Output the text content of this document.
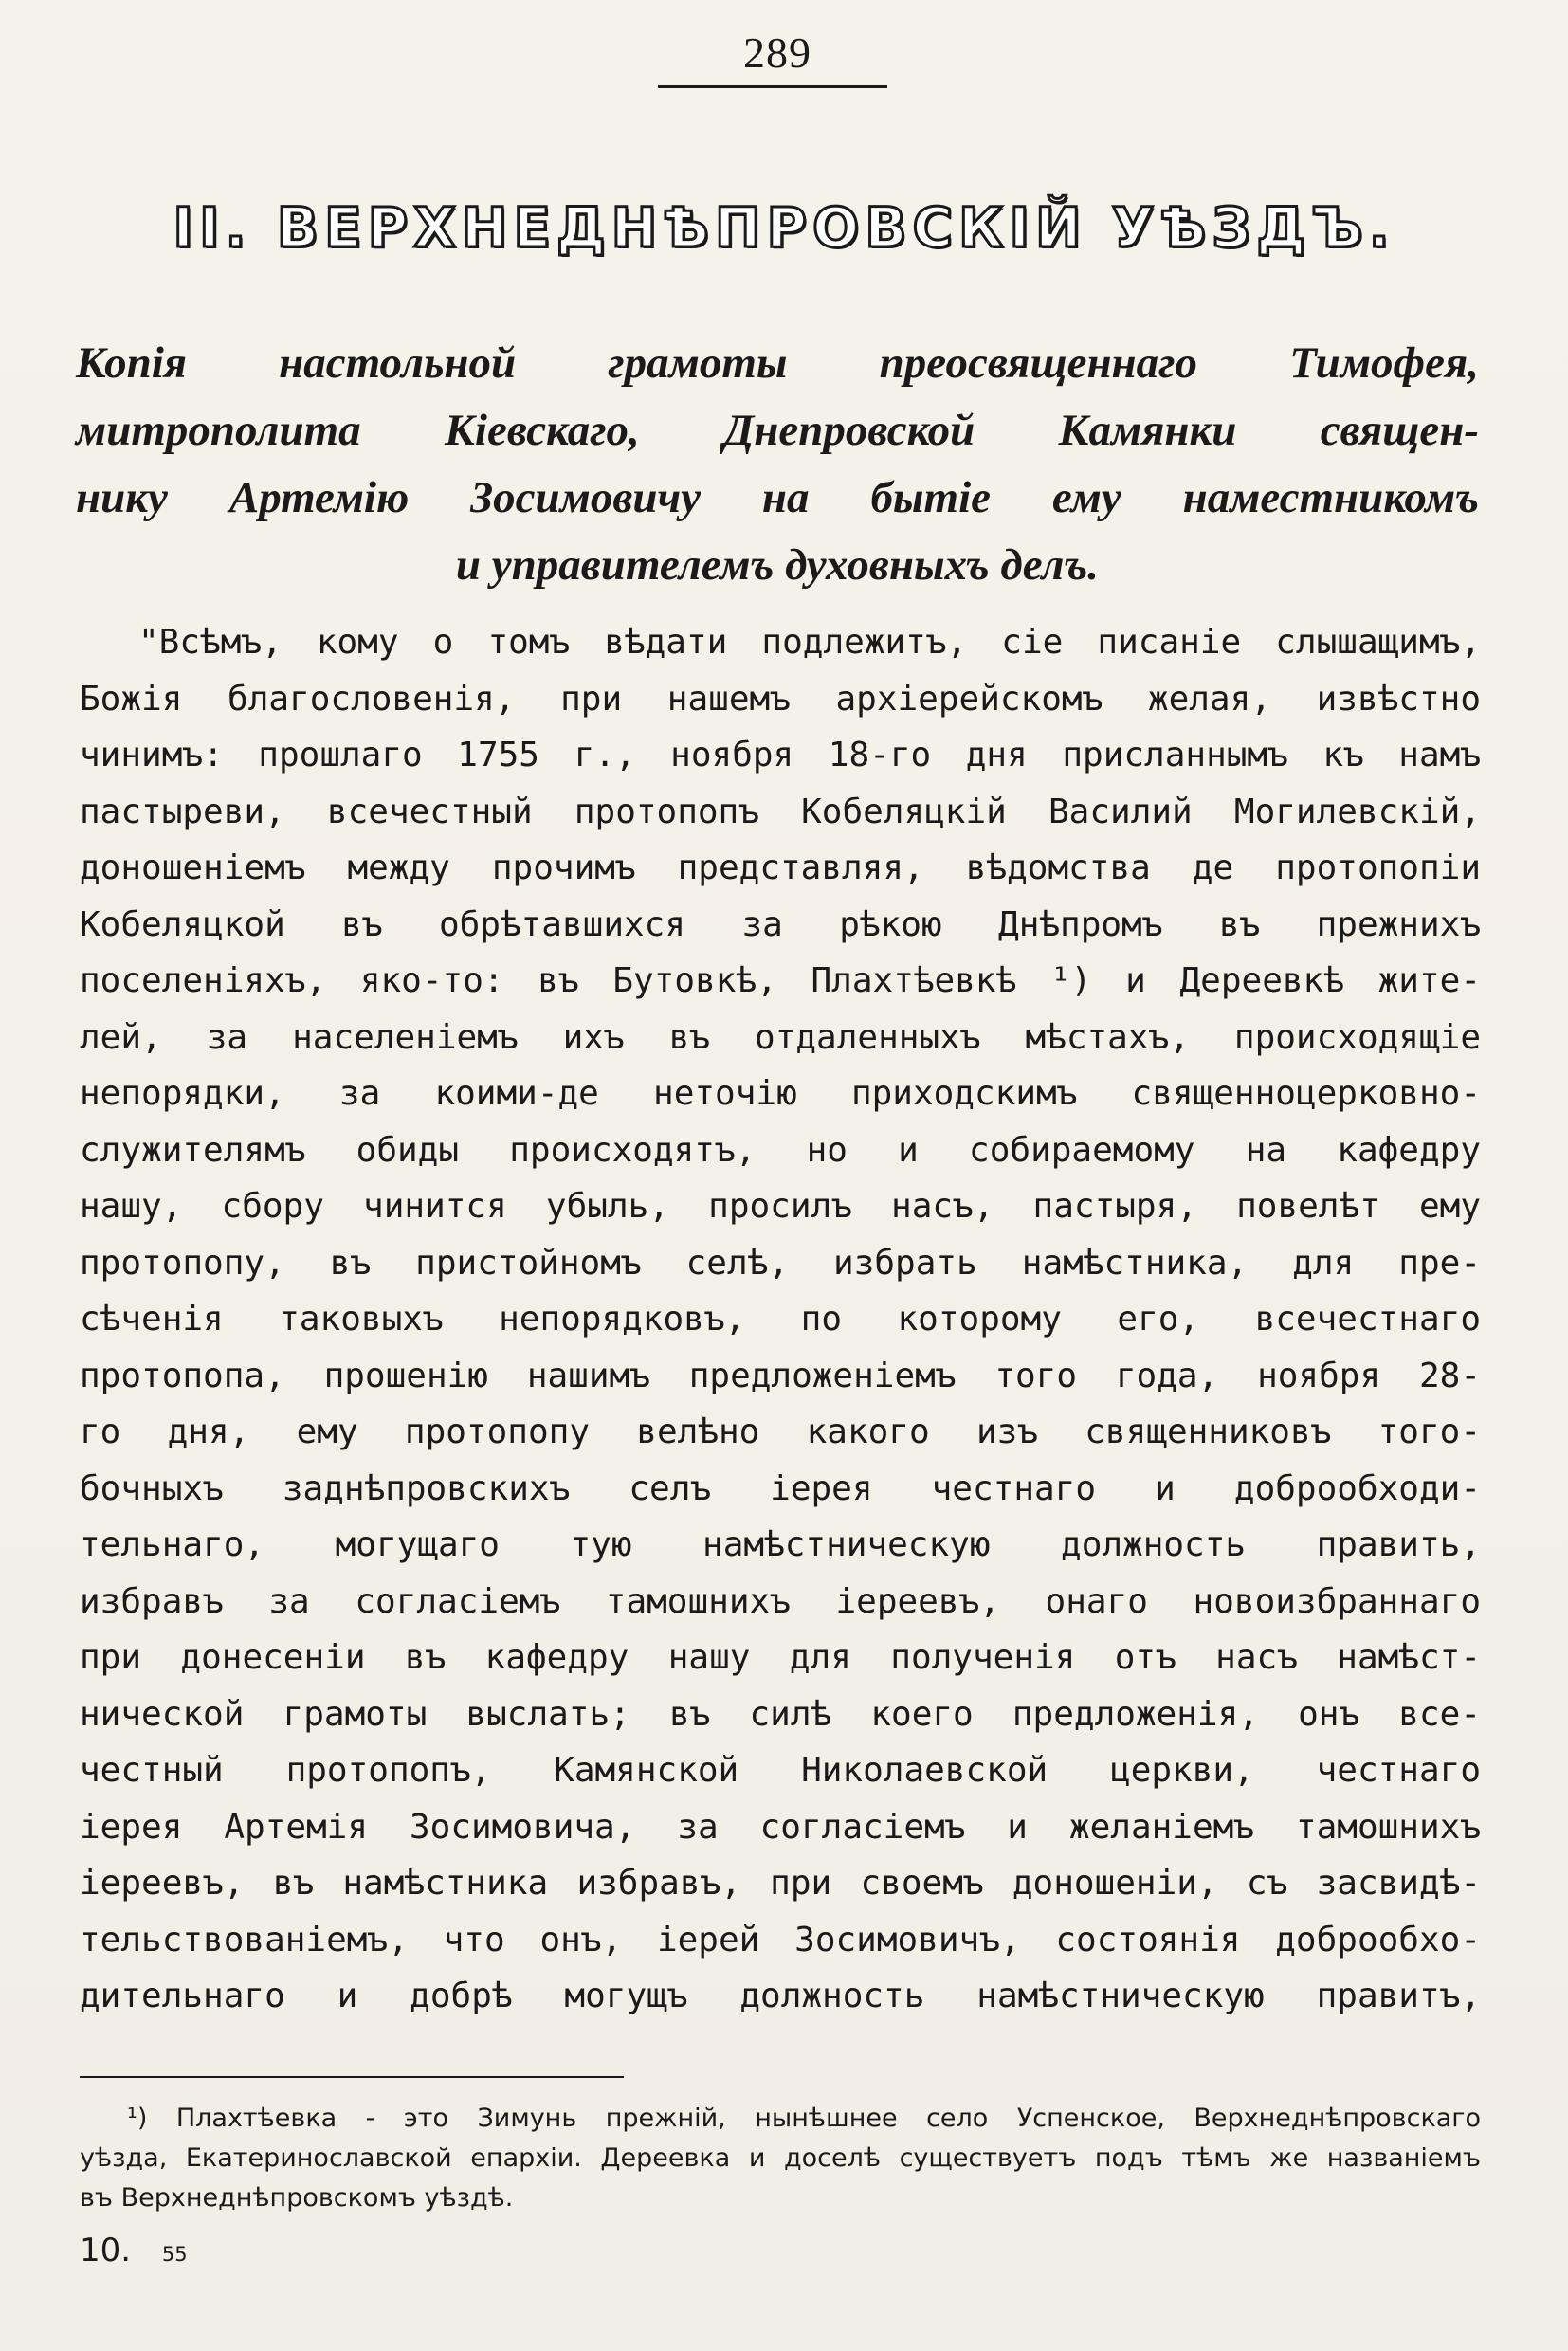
289
II. ВЕРХНЕДНѢПРОВСКІЙ УѢЗДЪ.
Копія настольной грамоты преосвященнаго Тимофея,
митрополита Кіевскаго, Днепровской Камянки священ-
нику Артемію Зосимовичу на бытіе ему наместникомъ
и управителемъ духовныхъ делъ.
"Всѣмъ, кому о томъ вѣдати подлежитъ, сіе писаніе слышащимъ,
Божія благословенія, при нашемъ архіерейскомъ желая, извѣстно
чинимъ: прошлаго 1755 г., ноября 18-го дня присланнымъ къ намъ
пастыреви, всечестный протопопъ Кобеляцкій Василий Могилевскій,
доношеніемъ между прочимъ представляя, вѣдомства де протопопіи
Кобеляцкой въ обрѣтавшихся за рѣкою Днѣпромъ въ прежнихъ
поселеніяхъ, яко-то: въ Бутовкѣ, Плахтѣевкѣ ¹) и Дереевкѣ жите-
лей, за населеніемъ ихъ въ отдаленныхъ мѣстахъ, происходящіе
непорядки, за коими-де неточію приходскимъ священноцерковно-
служителямъ обиды происходятъ, но и собираемому на кафедру
нашу, сбору чинится убыль, просилъ насъ, пастыря, повелѣт ему
протопопу, въ пристойномъ селѣ, избрать намѣстника, для пре-
сѣченія таковыхъ непорядковъ, по которому его, всечестнаго
протопопа, прошенію нашимъ предложеніемъ того года, ноября 28-
го дня, ему протопопу велѣно какого изъ священниковъ того-
бочныхъ заднѣпровскихъ селъ іерея честнаго и доброобходи-
тельнаго, могущаго тую намѣстническую должность править,
избравъ за согласіемъ тамошнихъ іереевъ, онаго новоизбраннаго
при донесеніи въ кафедру нашу для полученія отъ насъ намѣст-
нической грамоты выслать; въ силѣ коего предложенія, онъ все-
честный протопопъ, Камянской Николаевской церкви, честнаго
іерея Артемія Зосимовича, за согласіемъ и желаніемъ тамошнихъ
іереевъ, въ намѣстника избравъ, при своемъ доношеніи, съ засвидѣ-
тельствованіемъ, что онъ, іерей Зосимовичъ, состоянія доброобхо-
дительнаго и добрѣ могущъ должность намѣстническую правитъ,
¹) Плахтѣевка - это Зимунь прежній, нынѣшнее село Успенское, Верхнеднѣпровскаго
уѣзда, Екатеринославской епархіи. Дереевка и доселѣ существуетъ подъ тѣмъ же названіемъ
въ Верхнеднѣпровскомъ уѣздѣ.
10. 55
